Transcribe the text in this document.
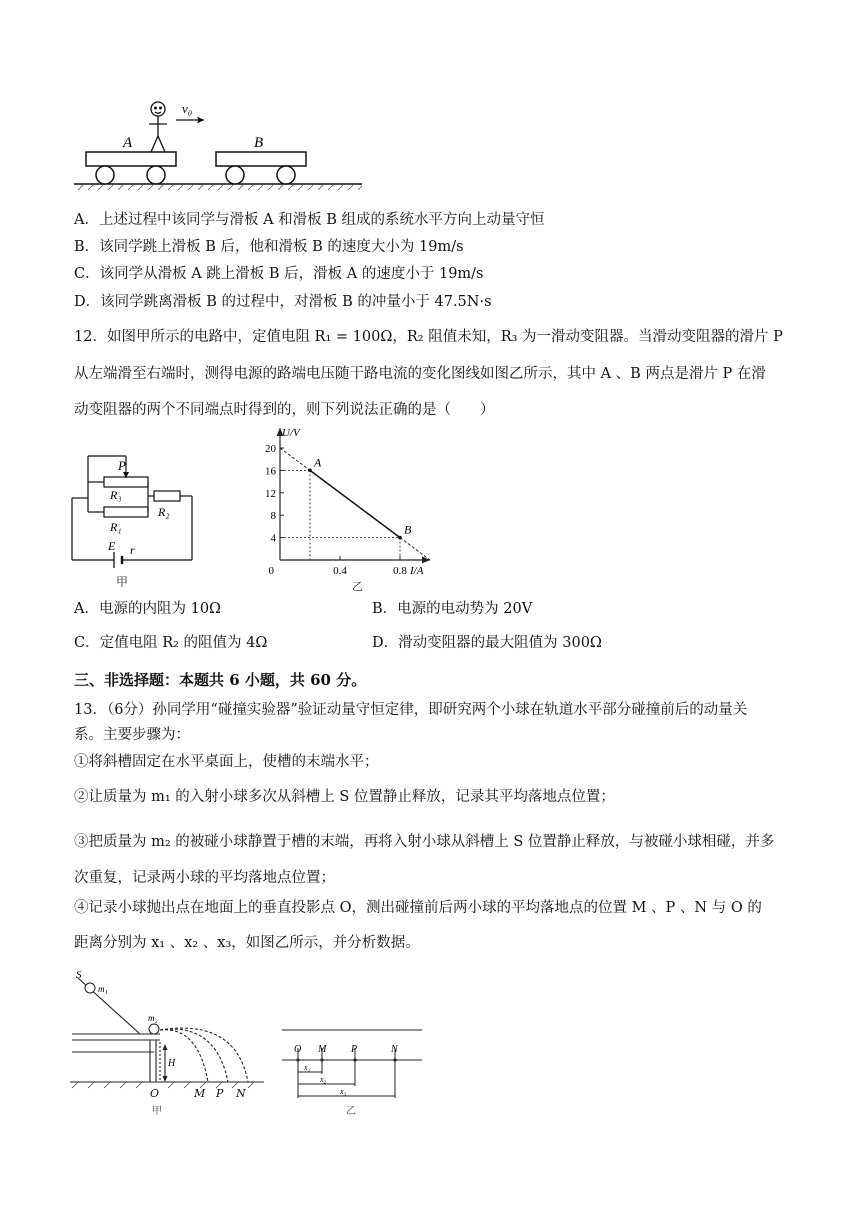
v₀
A	B
A．上述过程中该同学与滑板 A 和滑板 B 组成的系统水平方向上动量守恒
B．该同学跳上滑板 B 后，他和滑板 B 的速度大小为 19m/s
C．该同学从滑板 A 跳上滑板 B 后，滑板 A 的速度小于 19m/s
D．该同学跳离滑板 B 的过程中，对滑板 B 的冲量小于 47.5N·s
12．如图甲所示的电路中，定值电阻 R₁ = 100Ω，R₂ 阻值未知，R₃ 为一滑动变阻器。当滑动变阻器的滑片 P
从左端滑至右端时，测得电源的路端电压随干路电流的变化图线如图乙所示，其中 A 、B 两点是滑片 P 在滑
动变阻器的两个不同端点时得到的，则下列说法正确的是（　　）
P
R₃
R₁
R₂
E r
甲
20
16
12
8
4
0.4	0.8
0
U/V
I/A
乙
A
B
A．电源的内阻为 10Ω	B．电源的电动势为 20V
C．定值电阻 R₂ 的阻值为 4Ω	D．滑动变阻器的最大阻值为 300Ω
三、非选择题：本题共 6 小题，共 60 分。
13．（6分）孙同学用“碰撞实验器”验证动量守恒定律，即研究两个小球在轨道水平部分碰撞前后的动量关
系。主要步骤为：
①将斜槽固定在水平桌面上，使槽的末端水平；
②让质量为 m₁ 的入射小球多次从斜槽上 S 位置静止释放，记录其平均落地点位置；
③把质量为 m₂ 的被碰小球静置于槽的末端，再将入射小球从斜槽上 S 位置静止释放，与被碰小球相碰，并多
次重复，记录两小球的平均落地点位置；
④记录小球抛出点在地面上的垂直投影点 O，测出碰撞前后两小球的平均落地点的位置 M 、P 、N 与 O 的
距离分别为 x₁ 、x₂ 、x₃，如图乙所示，并分析数据。
S
m₁
m₂
H
O	M P N
甲
O M P	N
x₁
x₂
x₃
乙
